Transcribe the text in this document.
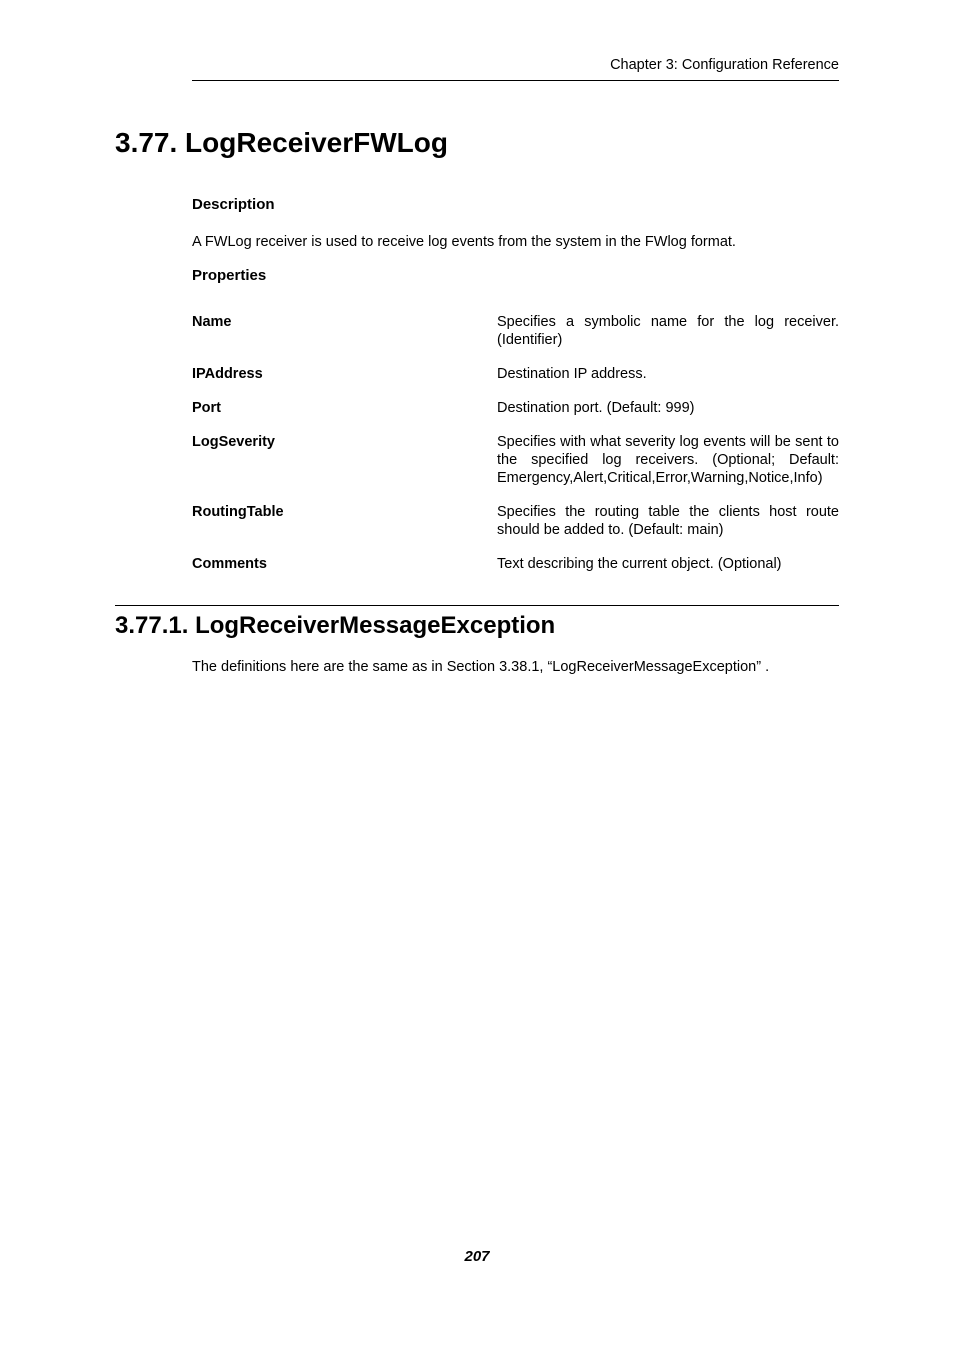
Chapter 3: Configuration Reference
3.77. LogReceiverFWLog
Description

A FWLog receiver is used to receive log events from the system in the FWlog format.

Properties
Name	Specifies a symbolic name for the log receiver. (Identifier)
IPAddress	Destination IP address.
Port	Destination port. (Default: 999)
LogSeverity	Specifies with what severity log events will be sent to the specified log receivers. (Optional; Default: Emergency,Alert,Critical,Error,Warning,Notice,Info)
RoutingTable	Specifies the routing table the clients host route should be added to. (Default: main)
Comments	Text describing the current object. (Optional)
3.77.1. LogReceiverMessageException

The definitions here are the same as in Section 3.38.1, “LogReceiverMessageException” .

207
